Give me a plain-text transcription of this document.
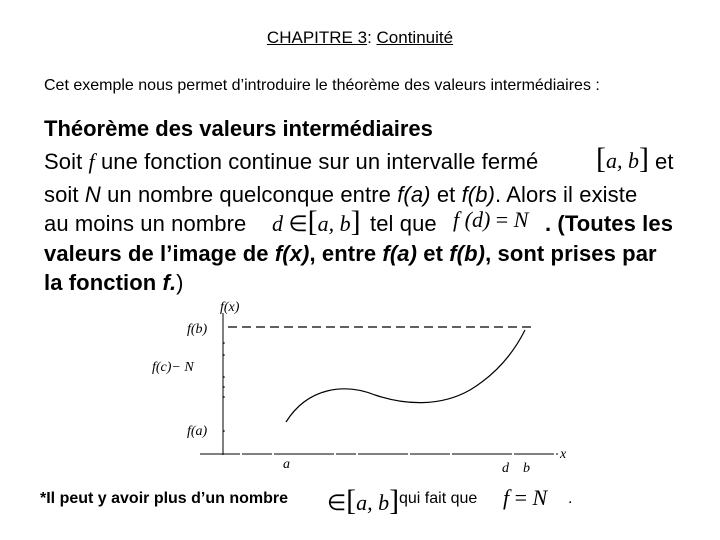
CHAPITRE 3: Continuité
Cet exemple nous permet d’introduire le théorème des valeurs intermédiaires :
Théorème des valeurs intermédiaires
Soit f une fonction continue sur un intervalle fermé [a, b] et
soit N un nombre quelconque entre f(a) et f(b). Alors il existe
au moins un nombre d ∈[a, b] tel que f (d) = N . (Toutes les
valeurs de l’image de f(x), entre f(a) et f(b), sont prises par
la fonction f.)
f(x)
f(b)
f(c)− N
f(a)
x
a	d b
*Il peut y avoir plus d’un nombre ∈[a, b] qui fait que f = N .
